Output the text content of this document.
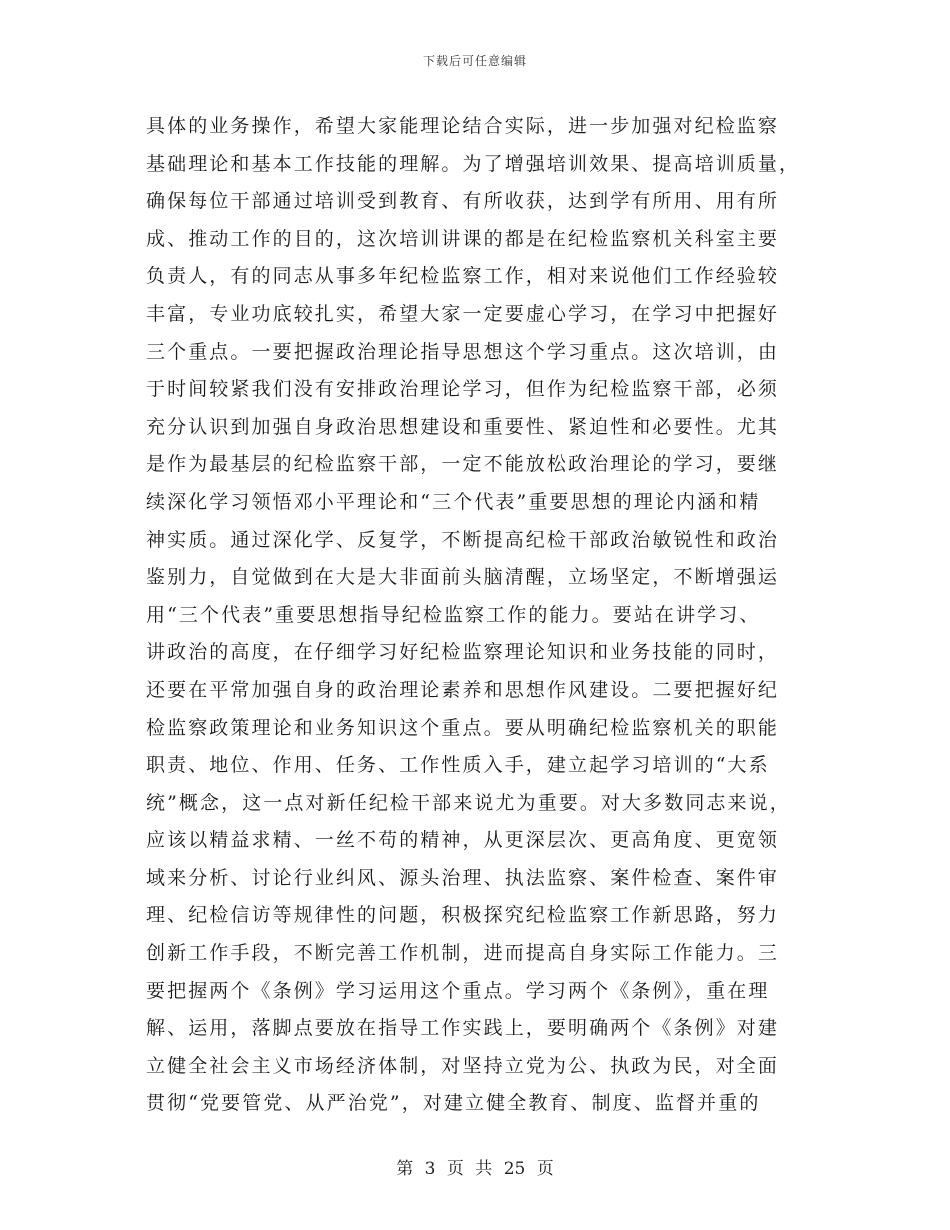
下载后可任意编辑
具体的业务操作，希望大家能理论结合实际，进一步加强对纪检监察
基础理论和基本工作技能的理解。为了增强培训效果、提高培训质量，
确保每位干部通过培训受到教育、有所收获，达到学有所用、用有所
成、推动工作的目的，这次培训讲课的都是在纪检监察机关科室主要
负责人，有的同志从事多年纪检监察工作，相对来说他们工作经验较
丰富，专业功底较扎实，希望大家一定要虚心学习，在学习中把握好
三个重点。一要把握政治理论指导思想这个学习重点。这次培训，由
于时间较紧我们没有安排政治理论学习，但作为纪检监察干部，必须
充分认识到加强自身政治思想建设和重要性、紧迫性和必要性。尤其
是作为最基层的纪检监察干部，一定不能放松政治理论的学习，要继
续深化学习领悟邓小平理论和“三个代表”重要思想的理论内涵和精
神实质。通过深化学、反复学，不断提高纪检干部政治敏锐性和政治
鉴别力，自觉做到在大是大非面前头脑清醒，立场坚定，不断增强运
用“三个代表”重要思想指导纪检监察工作的能力。要站在讲学习、
讲政治的高度，在仔细学习好纪检监察理论知识和业务技能的同时，
还要在平常加强自身的政治理论素养和思想作风建设。二要把握好纪
检监察政策理论和业务知识这个重点。要从明确纪检监察机关的职能
职责、地位、作用、任务、工作性质入手，建立起学习培训的“大系
统”概念，这一点对新任纪检干部来说尤为重要。对大多数同志来说，
应该以精益求精、一丝不苟的精神，从更深层次、更高角度、更宽领
域来分析、讨论行业纠风、源头治理、执法监察、案件检查、案件审
理、纪检信访等规律性的问题，积极探究纪检监察工作新思路，努力
创新工作手段，不断完善工作机制，进而提高自身实际工作能力。三
要把握两个《条例》学习运用这个重点。学习两个《条例》，重在理
解、运用，落脚点要放在指导工作实践上，要明确两个《条例》对建
立健全社会主义市场经济体制，对坚持立党为公、执政为民，对全面
贯彻“党要管党、从严治党”，对建立健全教育、制度、监督并重的
第 3 页 共 25 页
